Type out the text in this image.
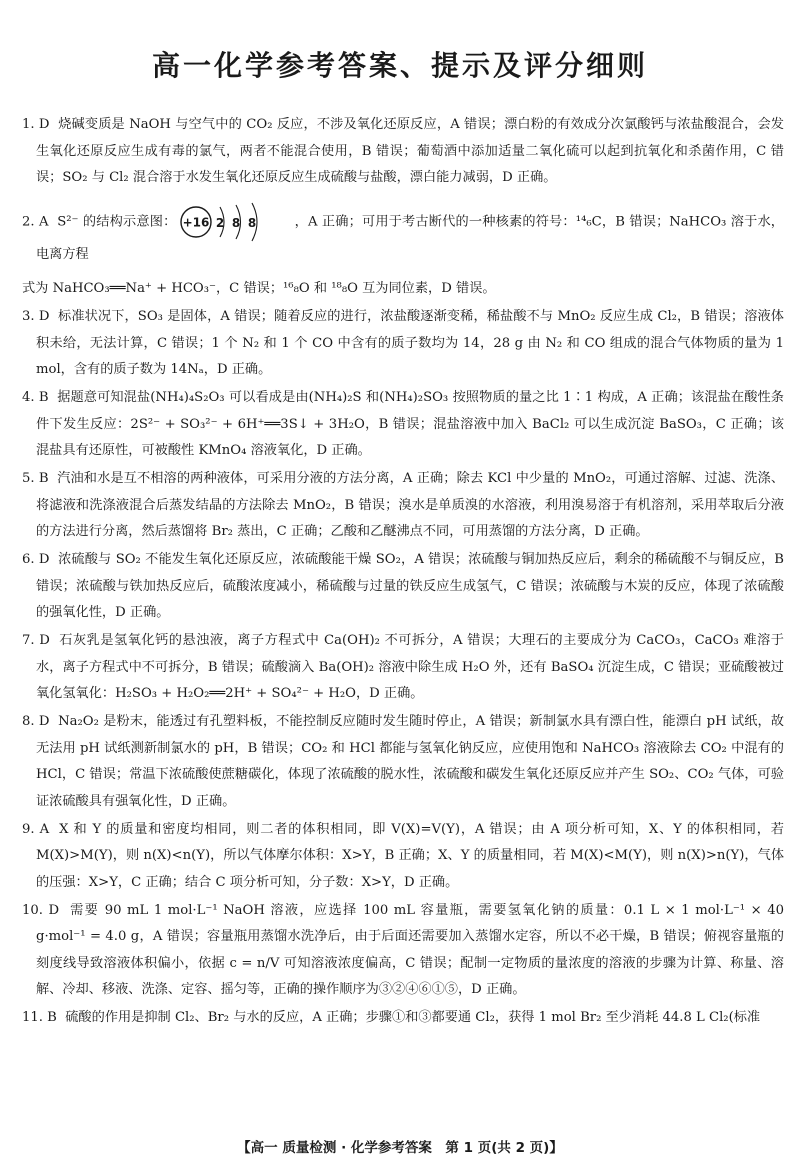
高一化学参考答案、提示及评分细则

1. D 烧碱变质是 NaOH 与空气中的 CO₂ 反应，不涉及氧化还原反应，A 错误；漂白粉的有效成分次氯酸钙与浓盐酸混合，会发生氧化还原反应生成有毒的氯气，两者不能混合使用，B 错误；葡萄酒中添加适量二氧化硫可以起到抗氧化和杀菌作用，C 错误；SO₂ 与 Cl₂ 混合溶于水发生氧化还原反应生成硫酸与盐酸，漂白能力减弱，D 正确。

2. A S²⁻ 的结构示意图： +16 2 8 8	，A 正确；可用于考古断代的一种核素的符号：¹⁴₆C，B 错误；NaHCO₃ 溶于水，电离方程
式为 NaHCO₃══Na⁺ + HCO₃⁻，C 错误；¹⁶₈O 和 ¹⁸₈O 互为同位素，D 错误。

3. D 标准状况下，SO₃ 是固体，A 错误；随着反应的进行，浓盐酸逐渐变稀，稀盐酸不与 MnO₂ 反应生成 Cl₂，B 错误；溶液体积未给，无法计算，C 错误；1 个 N₂ 和 1 个 CO 中含有的质子数均为 14，28 g 由 N₂ 和 CO 组成的混合气体物质的量为 1 mol，含有的质子数为 14Nₐ，D 正确。

4. B 据题意可知混盐(NH₄)₄S₂O₃ 可以看成是由(NH₄)₂S 和(NH₄)₂SO₃ 按照物质的量之比 1∶1 构成，A 正确；该混盐在酸性条件下发生反应：2S²⁻ + SO₃²⁻ + 6H⁺══3S↓ + 3H₂O，B 错误；混盐溶液中加入 BaCl₂ 可以生成沉淀 BaSO₃，C 正确；该混盐具有还原性，可被酸性 KMnO₄ 溶液氧化，D 正确。

5. B 汽油和水是互不相溶的两种液体，可采用分液的方法分离，A 正确；除去 KCl 中少量的 MnO₂，可通过溶解、过滤、洗涤、将滤液和洗涤液混合后蒸发结晶的方法除去 MnO₂，B 错误；溴水是单质溴的水溶液，利用溴易溶于有机溶剂，采用萃取后分液的方法进行分离，然后蒸馏将 Br₂ 蒸出，C 正确；乙酸和乙醚沸点不同，可用蒸馏的方法分离，D 正确。

6. D 浓硫酸与 SO₂ 不能发生氧化还原反应，浓硫酸能干燥 SO₂，A 错误；浓硫酸与铜加热反应后，剩余的稀硫酸不与铜反应，B 错误；浓硫酸与铁加热反应后，硫酸浓度减小，稀硫酸与过量的铁反应生成氢气，C 错误；浓硫酸与木炭的反应，体现了浓硫酸的强氧化性，D 正确。

7. D 石灰乳是氢氧化钙的悬浊液，离子方程式中 Ca(OH)₂ 不可拆分，A 错误；大理石的主要成分为 CaCO₃，CaCO₃ 难溶于水，离子方程式中不可拆分，B 错误；硫酸滴入 Ba(OH)₂ 溶液中除生成 H₂O 外，还有 BaSO₄ 沉淀生成，C 错误；亚硫酸被过氧化氢氧化：H₂SO₃ + H₂O₂══2H⁺ + SO₄²⁻ + H₂O，D 正确。

8. D Na₂O₂ 是粉末，能透过有孔塑料板，不能控制反应随时发生随时停止，A 错误；新制氯水具有漂白性，能漂白 pH 试纸，故无法用 pH 试纸测新制氯水的 pH，B 错误；CO₂ 和 HCl 都能与氢氧化钠反应，应使用饱和 NaHCO₃ 溶液除去 CO₂ 中混有的 HCl，C 错误；常温下浓硫酸使蔗糖碳化，体现了浓硫酸的脱水性，浓硫酸和碳发生氧化还原反应并产生 SO₂、CO₂ 气体，可验证浓硫酸具有强氧化性，D 正确。

9. A X 和 Y 的质量和密度均相同，则二者的体积相同，即 V(X)=V(Y)，A 错误；由 A 项分析可知，X、Y 的体积相同，若 M(X)>M(Y)，则 n(X)<n(Y)，所以气体摩尔体积：X>Y，B 正确；X、Y 的质量相同，若 M(X)<M(Y)，则 n(X)>n(Y)，气体的压强：X>Y，C 正确；结合 C 项分析可知，分子数：X>Y，D 正确。

10. D 需要 90 mL 1 mol·L⁻¹ NaOH 溶液，应选择 100 mL 容量瓶，需要氢氧化钠的质量：0.1 L × 1 mol·L⁻¹ × 40 g·mol⁻¹ = 4.0 g，A 错误；容量瓶用蒸馏水洗净后，由于后面还需要加入蒸馏水定容，所以不必干燥，B 错误；俯视容量瓶的刻度线导致溶液体积偏小，依据 c = n/V 可知溶液浓度偏高，C 错误；配制一定物质的量浓度的溶液的步骤为计算、称量、溶解、冷却、移液、洗涤、定容、摇匀等，正确的操作顺序为③②④⑥①⑤，D 正确。

11. B 硫酸的作用是抑制 Cl₂、Br₂ 与水的反应，A 正确；步骤①和③都要通 Cl₂，获得 1 mol Br₂ 至少消耗 44.8 L Cl₂(标准

【高一 质量检测 · 化学参考答案　第 1 页(共 2 页)】
